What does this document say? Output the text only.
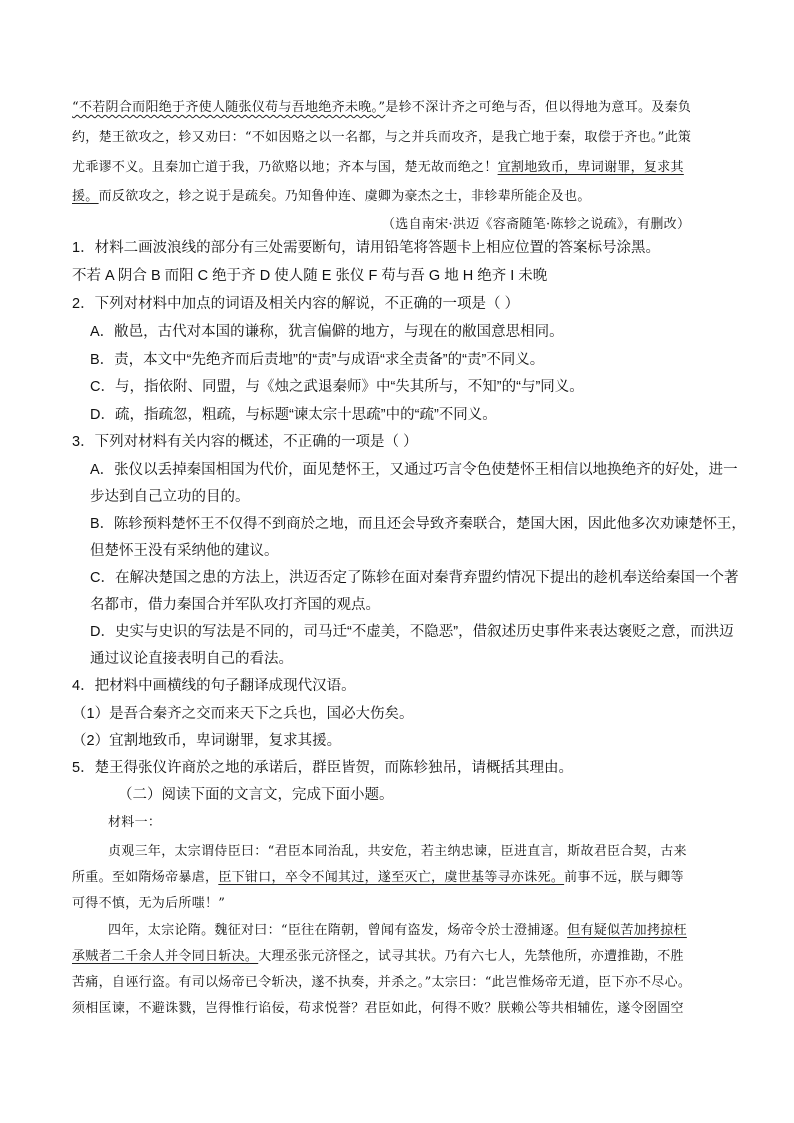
“不若阴合而阳绝于齐使人随张仪苟与吾地绝齐未晚。”是轸不深计齐之可绝与否，但以得地为意耳。及秦负
约，楚王欲攻之，轸又劝曰：“不如因赂之以一名都，与之并兵而攻齐，是我亡地于秦，取偿于齐也。”此策
尤乖谬不义。且秦加亡道于我，乃欲赂以地；齐本与国，楚无故而绝之！宜割地致币，卑词谢罪，复求其
援。而反欲攻之，轸之说于是疏矣。乃知鲁仲连、虞卿为豪杰之士，非轸辈所能企及也。
（选自南宋·洪迈《容斋随笔·陈轸之说疏》，有删改）
1．材料二画波浪线的部分有三处需要断句，请用铅笔将答题卡上相应位置的答案标号涂黑。
不若 A 阴合 B 而阳 C 绝于齐 D 使人随 E 张仪 F 苟与吾 G 地 H 绝齐 I 未晚
2．下列对材料中加点的词语及相关内容的解说，不正确的一项是（ ）
A．敝邑，古代对本国的谦称，犹言偏僻的地方，与现在的敝国意思相同。
B．责，本文中“先绝齐而后责地”的“责”与成语“求全责备”的“责”不同义。
C．与，指依附、同盟，与《烛之武退秦师》中“失其所与，不知”的“与”同义。
D．疏，指疏忽，粗疏，与标题“谏太宗十思疏”中的“疏”不同义。
3．下列对材料有关内容的概述，不正确的一项是（ ）
A．张仪以丢掉秦国相国为代价，面见楚怀王，又通过巧言令色使楚怀王相信以地换绝齐的好处，进一
步达到自己立功的目的。
B．陈轸预料楚怀王不仅得不到商於之地，而且还会导致齐秦联合，楚国大困，因此他多次劝谏楚怀王，
但楚怀王没有采纳他的建议。
C．在解决楚国之患的方法上，洪迈否定了陈轸在面对秦背弃盟约情况下提出的趁机奉送给秦国一个著
名都市，借力秦国合并军队攻打齐国的观点。
D．史实与史识的写法是不同的，司马迁“不虚美，不隐恶”，借叙述历史事件来表达褒贬之意，而洪迈
通过议论直接表明自己的看法。
4．把材料中画横线的句子翻译成现代汉语。
（1）是吾合秦齐之交而来天下之兵也，国必大伤矣。
（2）宜割地致币，卑词谢罪，复求其援。
5．楚王得张仪许商於之地的承诺后，群臣皆贺，而陈轸独吊，请概括其理由。
（二）阅读下面的文言文，完成下面小题。
材料一：
贞观三年，太宗谓侍臣曰：“君臣本同治乱，共安危，若主纳忠谏，臣进直言，斯故君臣合契，古来
所重。至如隋炀帝暴虐，臣下钳口，卒令不闻其过，遂至灭亡，虞世基等寻亦诛死。前事不远，朕与卿等
可得不慎，无为后所嗤！”
四年，太宗论隋。魏征对曰：“臣往在隋朝，曾闻有盗发，炀帝令於士澄捕逐。但有疑似苦加拷掠枉
承贼者二千余人并令同日斩决。大理丞张元济怪之，试寻其状。乃有六七人，先禁他所，亦遭推勘，不胜
苦痛，自诬行盗。有司以炀帝已令斩决，遂不执奏，并杀之。”太宗曰：“此岂惟炀帝无道，臣下亦不尽心。
须相匡谏，不避诛戮，岂得惟行谄佞，苟求悦誉？君臣如此，何得不败？朕赖公等共相辅佐，遂令囹圄空
